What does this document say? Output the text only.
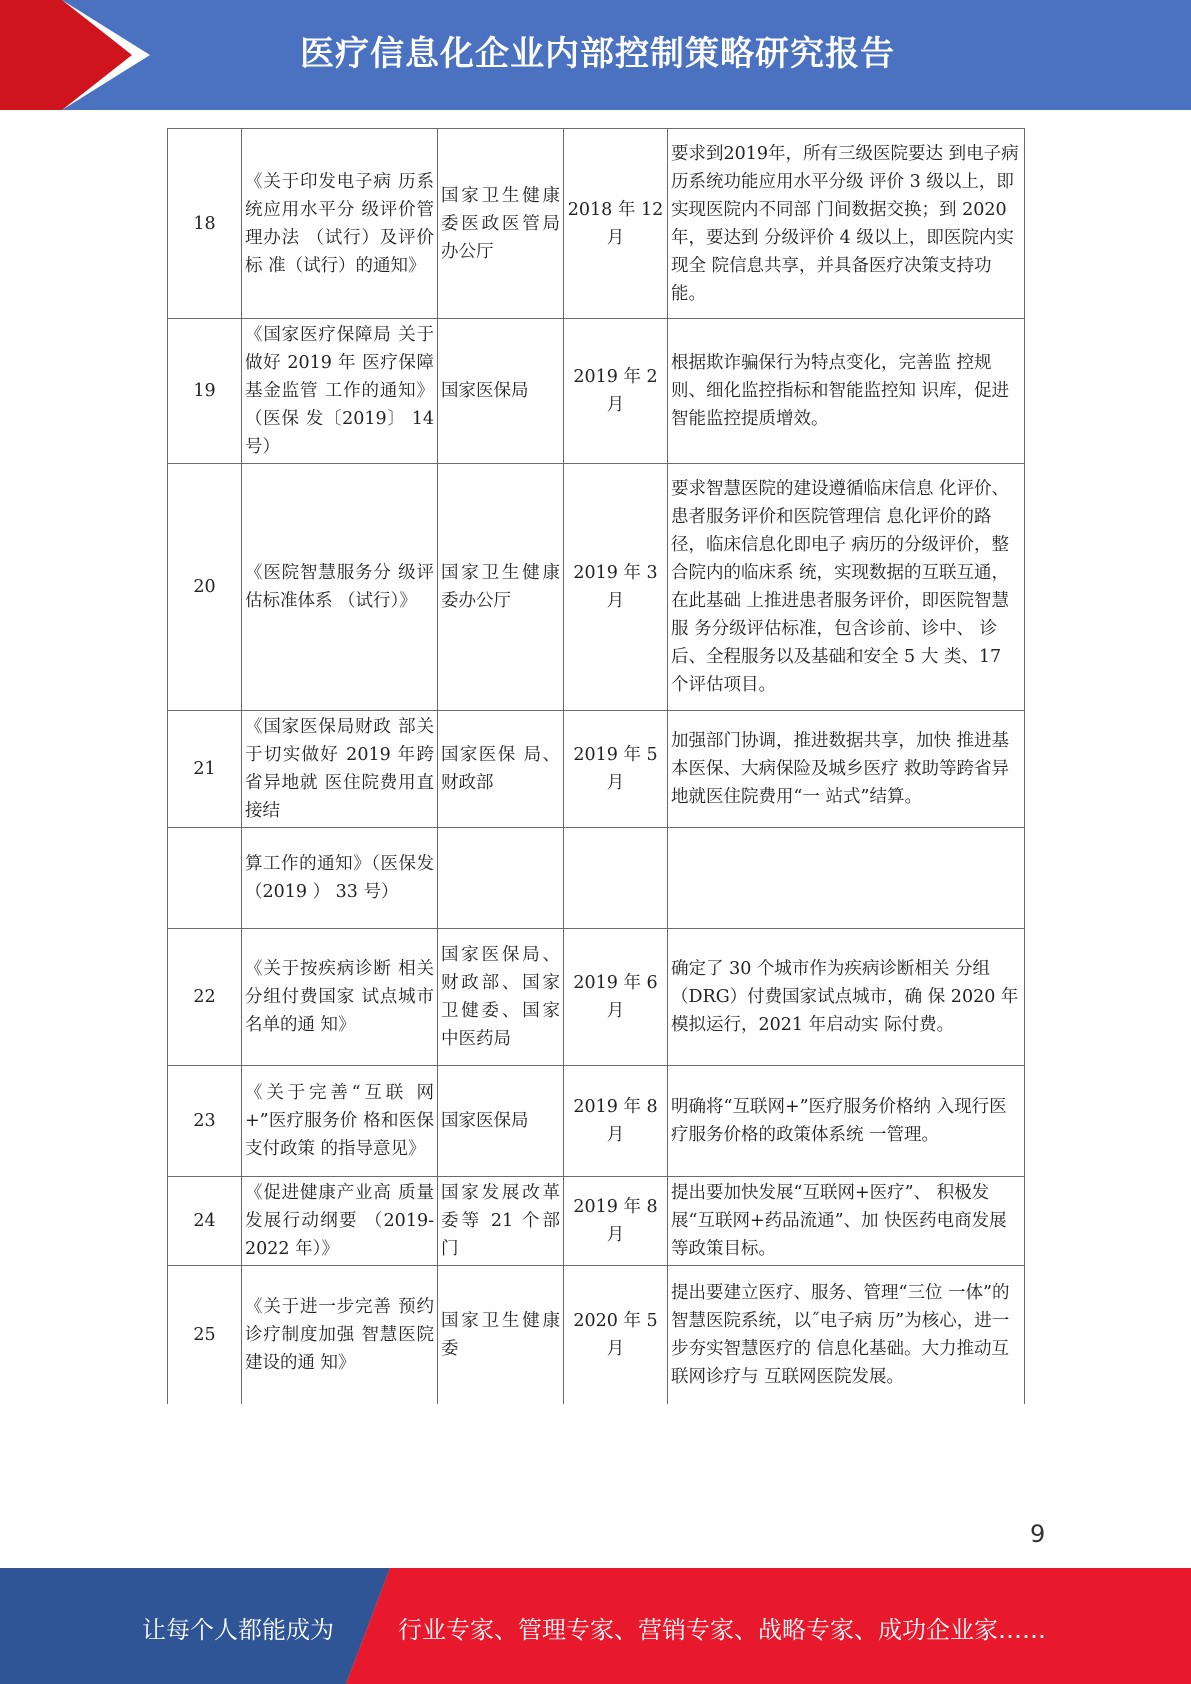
医疗信息化企业内部控制策略研究报告
18	《关于印发电子病 历系统应用水平分 级评价管理办法 （试行）及评价标 准（试行）的通知》	国家卫生健康委医政医管局办公厅	2018 年 12 月	要求到2019年，所有三级医院要达 到电子病历系统功能应用水平分级 评价 3 级以上，即实现医院内不同部 门间数据交换；到 2020 年，要达到 分级评价 4 级以上，即医院内实现全 院信息共享，并具备医疗决策支持功 能。
19	《国家医疗保障局 关于做好 2019 年 医疗保障基金监管 工作的通知》（医保 发〔2019〕 14 号）	国家医保局	2019 年 2 月	根据欺诈骗保行为特点变化，完善监 控规则、细化监控指标和智能监控知 识库，促进智能监控提质增效。
20	《医院智慧服务分 级评估标准体系 （试行）》	国家卫生健康委办公厅	2019 年 3 月	要求智慧医院的建设遵循临床信息 化评价、患者服务评价和医院管理信 息化评价的路径，临床信息化即电子 病历的分级评价，整合院内的临床系 统，实现数据的互联互通，在此基础 上推进患者服务评价，即医院智慧服 务分级评估标准，包含诊前、诊中、 诊后、全程服务以及基础和安全 5 大 类、17 个评估项目。
21	《国家医保局财政 部关于切实做好 2019 年跨省异地就 医住院费用直接结	国家医保 局、财政部	2019 年 5 月	加强部门协调，推进数据共享，加快 推进基本医保、大病保险及城乡医疗 救助等跨省异地就医住院费用“一 站式”结算。
	算工作的通知》（医保发（2019 ） 33 号）			
22	《关于按疾病诊断 相关分组付费国家 试点城市名单的通 知》	国家医保局、财政部、国家卫健委、国家中医药局	2019 年 6 月	确定了 30 个城市作为疾病诊断相关 分组（DRG）付费国家试点城市，确 保 2020 年模拟运行，2021 年启动实 际付费。
23	《关于完善“互联 网+”医疗服务价 格和医保支付政策 的指导意见》	国家医保局	2019 年 8 月	明确将“互联网+”医疗服务价格纳 入现行医疗服务价格的政策体系统 一管理。
24	《促进健康产业高 质量发展行动纲要 （2019-2022 年）》	国家发展改革委等 21 个部门	2019 年 8 月	提出要加快发展“互联网+医疗”、 积极发展“互联网+药品流通”、加 快医药电商发展等政策目标。
25	《关于进一步完善 预约诊疗制度加强 智慧医院建设的通 知》	国家卫生健康委	2020 年 5 月	提出要建立医疗、服务、管理“三位 一体”的智慧医院系统，以˝电子病 历”为核心，进一步夯实智慧医疗的 信息化基础。大力推动互联网诊疗与 互联网医院发展。
9
让每个人都能成为	行业专家、管理专家、营销专家、战略专家、成功企业家……
